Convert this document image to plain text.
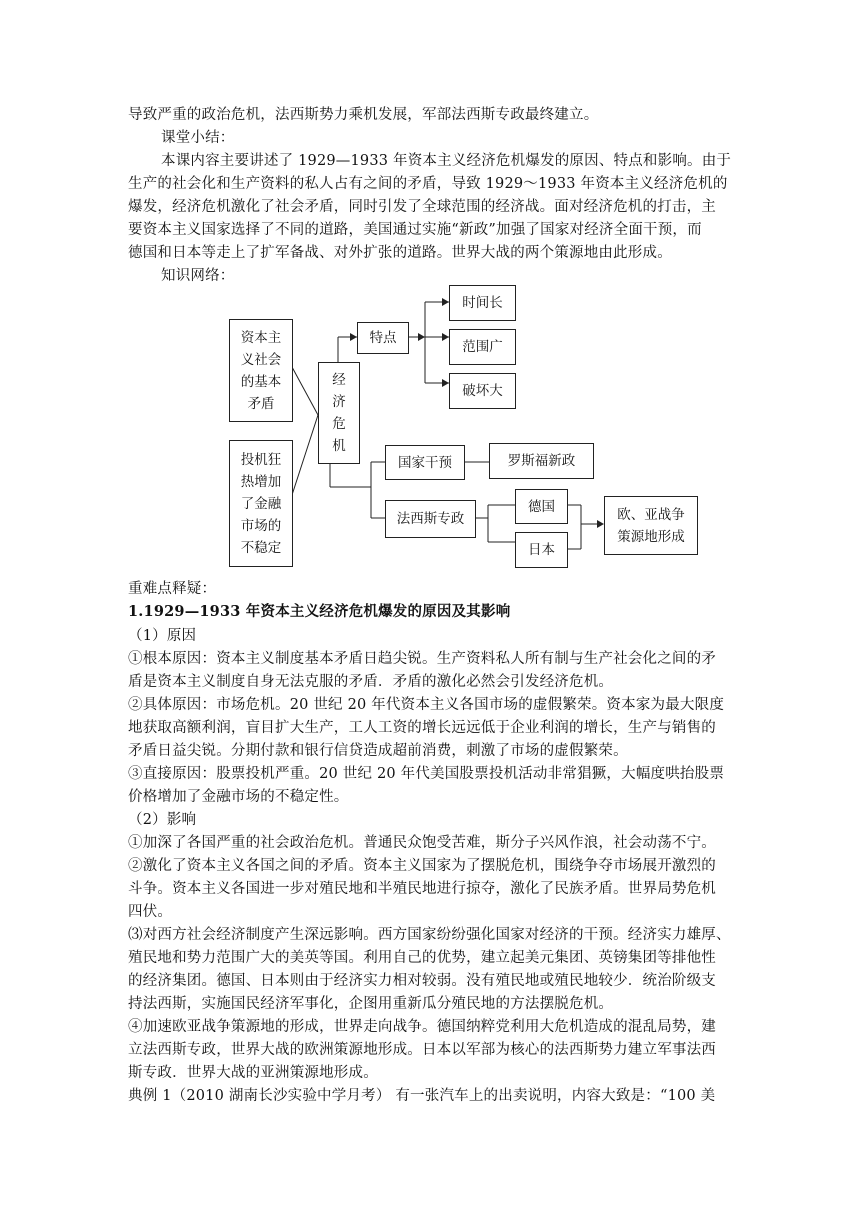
导致严重的政治危机，法西斯势力乘机发展，军部法西斯专政最终建立。
课堂小结：
本课内容主要讲述了 1929—1933 年资本主义经济危机爆发的原因、特点和影响。由于
生产的社会化和生产资料的私人占有之间的矛盾，导致 1929～1933 年资本主义经济危机的
爆发，经济危机激化了社会矛盾，同时引发了全球范围的经济战。面对经济危机的打击，主
要资本主义国家选择了不同的道路，美国通过实施“新政”加强了国家对经济全面干预，而
德国和日本等走上了扩军备战、对外扩张的道路。世界大战的两个策源地由此形成。
知识网络：
资本主
义社会
的基本
矛盾
投机狂
热增加
了金融
市场的
不稳定
经
济
危
机
特点
时间长
范围广
破坏大
国家干预	罗斯福新政
法西斯专政
德国
日本
欧、亚战争
策源地形成
重难点释疑：
1.1929—1933 年资本主义经济危机爆发的原因及其影响
（1）原因
①根本原因：资本主义制度基本矛盾日趋尖锐。生产资料私人所有制与生产社会化之间的矛
盾是资本主义制度自身无法克服的矛盾．矛盾的激化必然会引发经济危机。
②具体原因：市场危机。20 世纪 20 年代资本主义各国市场的虚假繁荣。资本家为最大限度
地获取高额利润，盲目扩大生产，工人工资的增长远远低于企业利润的增长，生产与销售的
矛盾日益尖锐。分期付款和银行信贷造成超前消费，刺激了市场的虚假繁荣。
③直接原因：股票投机严重。20 世纪 20 年代美国股票投机活动非常猖獗，大幅度哄抬股票
价格增加了金融市场的不稳定性。
（2）影响
①加深了各国严重的社会政治危机。普通民众饱受苦难，斯分子兴风作浪，社会动荡不宁。
②激化了资本主义各国之间的矛盾。资本主义国家为了摆脱危机，围绕争夺市场展开激烈的
斗争。资本主义各国进一步对殖民地和半殖民地进行掠夺，激化了民族矛盾。世界局势危机
四伏。
⑶对西方社会经济制度产生深远影响。西方国家纷纷强化国家对经济的干预。经济实力雄厚、
殖民地和势力范围广大的美英等国。利用自己的优势，建立起美元集团、英镑集团等排他性
的经济集团。德国、日本则由于经济实力相对较弱。没有殖民地或殖民地较少．统治阶级支
持法西斯，实施国民经济军事化，企图用重新瓜分殖民地的方法摆脱危机。
④加速欧亚战争策源地的形成，世界走向战争。德国纳粹党利用大危机造成的混乱局势，建
立法西斯专政，世界大战的欧洲策源地形成。日本以军部为核心的法西斯势力建立军事法西
斯专政．世界大战的亚洲策源地形成。
典例 1（2010 湖南长沙实验中学月考） 有一张汽车上的出卖说明，内容大致是：“100 美
